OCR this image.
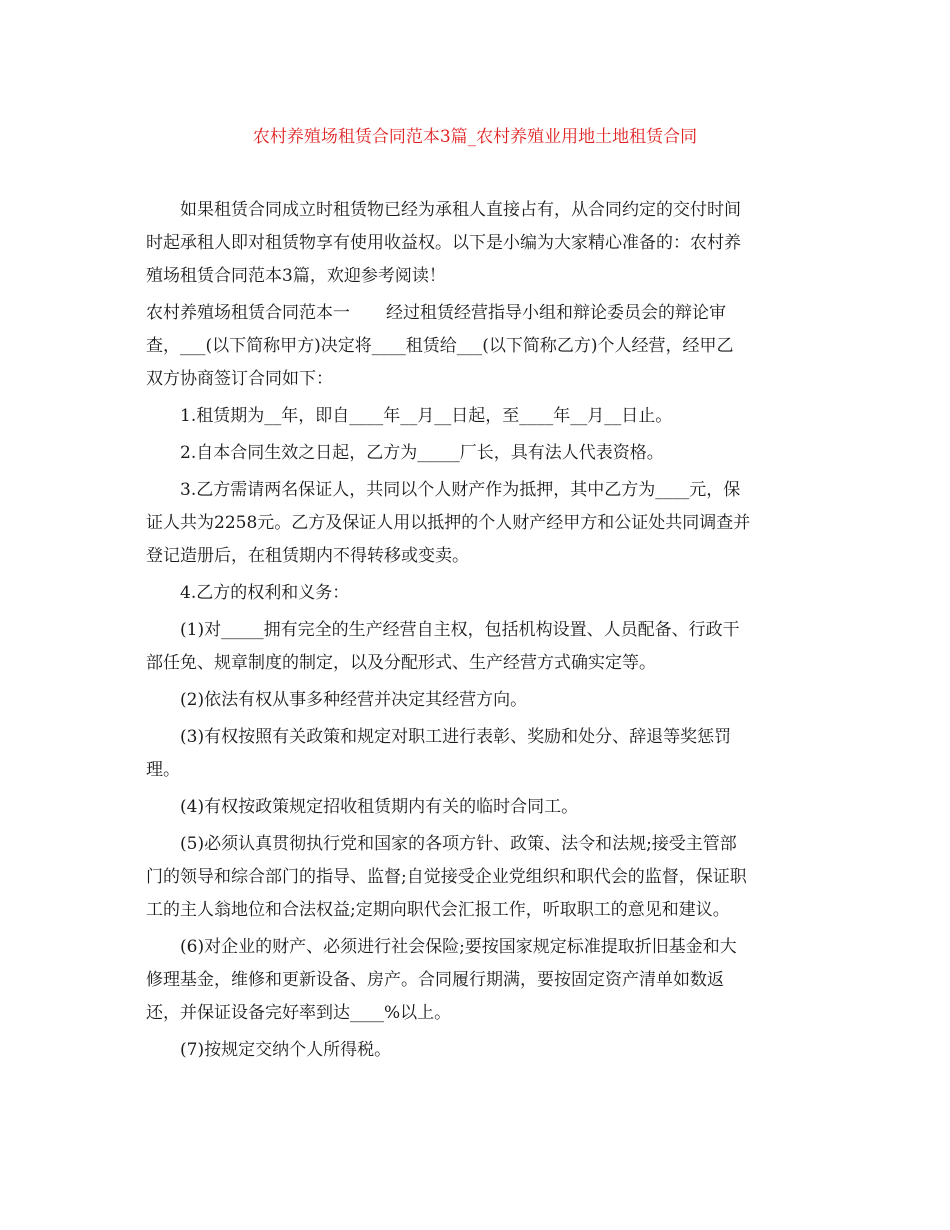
农村养殖场租赁合同范本3篇_农村养殖业用地土地租赁合同

如果租赁合同成立时租赁物已经为承租人直接占有，从合同约定的交付时间
时起承租人即对租赁物享有使用收益权。以下是小编为大家精心准备的：农村养
殖场租赁合同范本3篇，欢迎参考阅读！

农村养殖场租赁合同范本一 经过租赁经营指导小组和辩论委员会的辩论审
查，___(以下简称甲方)决定将____租赁给___(以下简称乙方)个人经营，经甲乙
双方协商签订合同如下：

1.租赁期为__年，即自____年__月__日起，至____年__月__日止。

2.自本合同生效之日起，乙方为_____厂长，具有法人代表资格。

3.乙方需请两名保证人，共同以个人财产作为抵押，其中乙方为____元，保
证人共为2258元。乙方及保证人用以抵押的个人财产经甲方和公证处共同调查并
登记造册后，在租赁期内不得转移或变卖。

4.乙方的权利和义务：

(1)对_____拥有完全的生产经营自主权，包括机构设置、人员配备、行政干
部任免、规章制度的制定，以及分配形式、生产经营方式确实定等。

(2)依法有权从事多种经营并决定其经营方向。

(3)有权按照有关政策和规定对职工进行表彰、奖励和处分、辞退等奖惩罚
理。

(4)有权按政策规定招收租赁期内有关的临时合同工。

(5)必须认真贯彻执行党和国家的各项方针、政策、法令和法规;接受主管部
门的领导和综合部门的指导、监督;自觉接受企业党组织和职代会的监督，保证职
工的主人翁地位和合法权益;定期向职代会汇报工作，听取职工的意见和建议。

(6)对企业的财产、必须进行社会保险;要按国家规定标准提取折旧基金和大
修理基金，维修和更新设备、房产。合同履行期满，要按固定资产清单如数返
还，并保证设备完好率到达____%以上。

(7)按规定交纳个人所得税。
